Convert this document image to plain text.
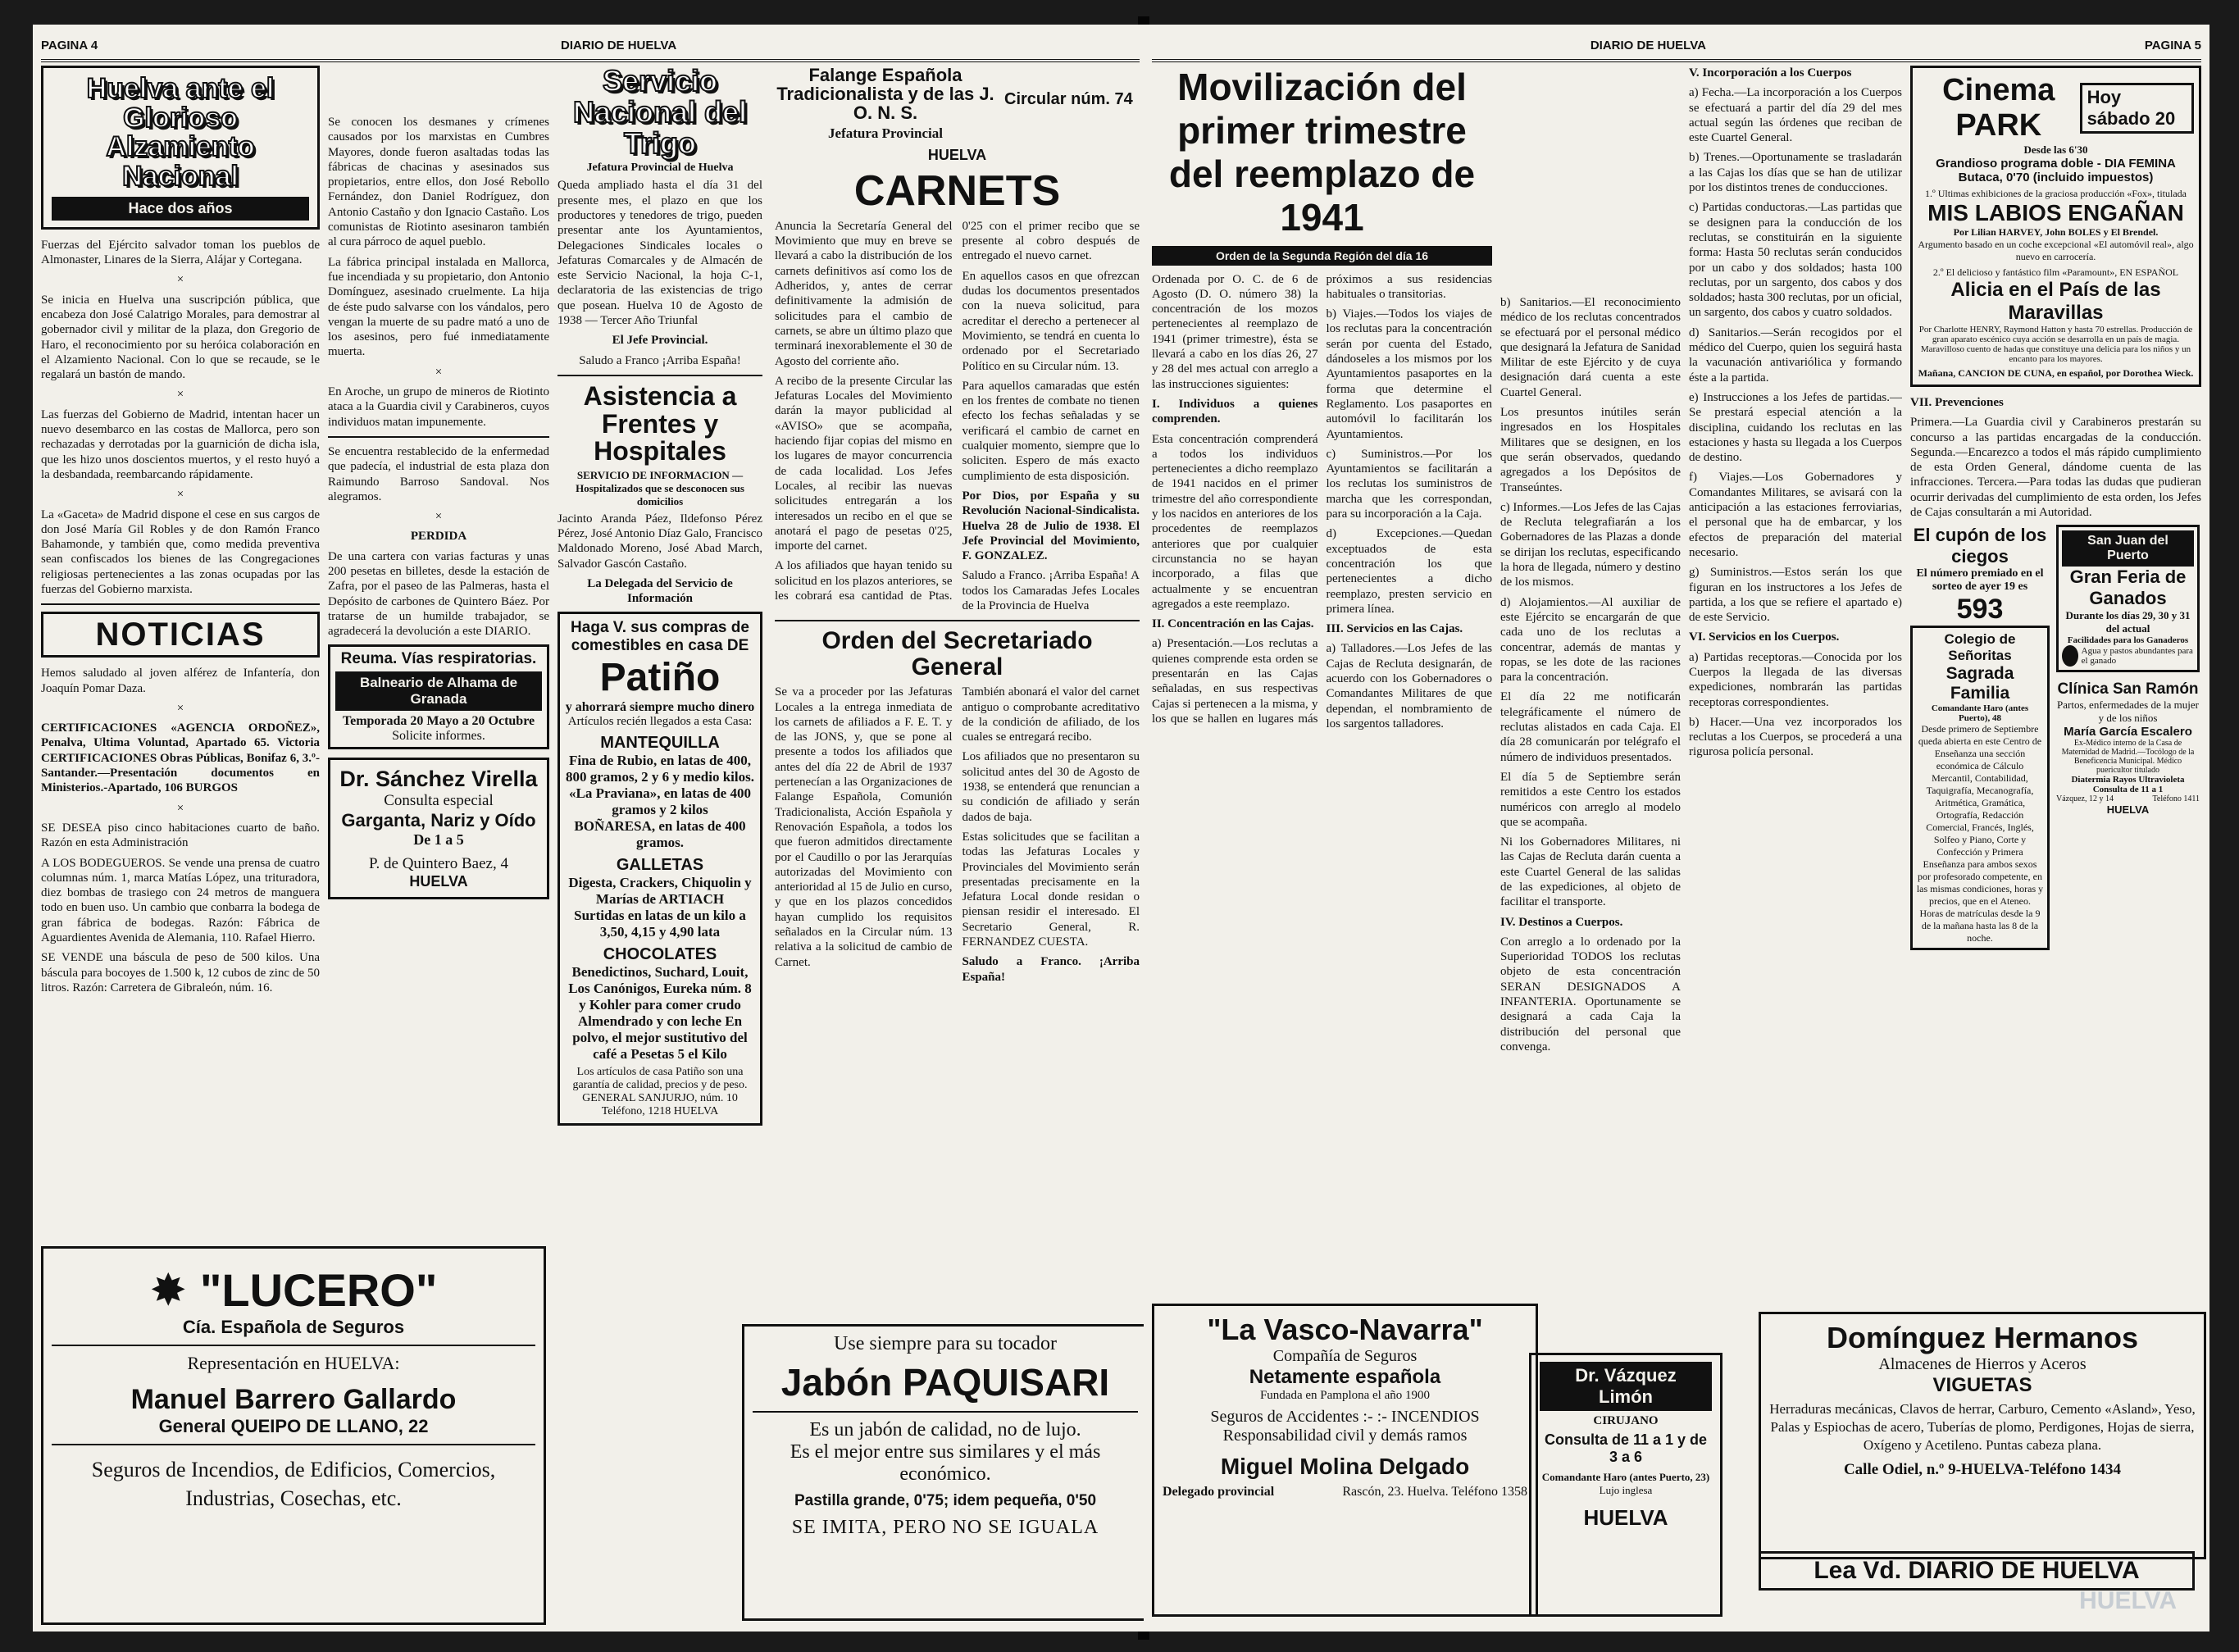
PAGINA 4	DIARIO DE HUELVA
Huelva ante el Glorioso Alzamiento Nacional
Hace dos años

Fuerzas del Ejército salvador toman los pueblos de Almonaster, Linares de la Sierra, Alájar y Cortegana.

×

Se inicia en Huelva una suscripción pública, que encabeza don José Calatrigo Morales, para demostrar al gobernador civil y militar de la plaza, don Gregorio de Haro, el reconocimiento por su heróica colaboración en el Alzamiento Nacional. Con lo que se recaude, se le regalará un bastón de mando.

×

Las fuerzas del Gobierno de Madrid, intentan hacer un nuevo desembarco en las costas de Mallorca, pero son rechazadas y derrotadas por la guarnición de dicha isla, que les hizo unos doscientos muertos, y el resto huyó a la desbandada, reembarcando rápidamente.

×

La «Gaceta» de Madrid dispone el cese en sus cargos de don José María Gil Robles y de don Ramón Franco Bahamonde, y también que, como medida preventiva sean confiscados los bienes de las Congregaciones religiosas pertenecientes a las zonas ocupadas por las fuerzas del Gobierno marxista.

NOTICIAS

Hemos saludado al joven alférez de Infantería, don Joaquín Pomar Daza.

×

CERTIFICACIONES «AGENCIA ORDOÑEZ», Penalva, Ultima Voluntad, Apartado 65. Victoria CERTIFICACIONES Obras Públicas, Bonifaz 6, 3.º-Santander.—Presentación documentos en Ministerios.-Apartado, 106 BURGOS

×

SE DESEA piso cinco habitaciones cuarto de baño. Razón en esta Administración

A LOS BODEGUEROS. Se vende una prensa de cuatro columnas núm. 1, marca Matías López, una trituradora, diez bombas de trasiego con 24 metros de manguera todo en buen uso. Un cambio que conbarra la bodega de gran fábrica de bodegas. Razón: Fábrica de Aguardientes Avenida de Alemania, 110. Rafael Hierro.

SE VENDE una báscula de peso de 500 kilos. Una báscula para bocoyes de 1.500 k, 12 cubos de zinc de 50 litros. Razón: Carretera de Gibraleón, núm. 16.

Se conocen los desmanes y crímenes causados por los marxistas en Cumbres Mayores, donde fueron asaltadas todas las fábricas de chacinas y asesinados sus propietarios, entre ellos, don José Rebollo Fernández, don Daniel Rodríguez, don Antonio Castaño y don Ignacio Castaño. Los comunistas de Riotinto asesinaron también al cura párroco de aquel pueblo.

La fábrica principal instalada en Mallorca, fue incendiada y su propietario, don Antonio Domínguez, asesinado cruelmente. La hija de éste pudo salvarse con los vándalos, pero vengan la muerte de su padre mató a uno de los asesinos, pero fué inmediatamente muerta.

×

En Aroche, un grupo de mineros de Riotinto ataca a la Guardia civil y Carabineros, cuyos individuos matan impunemente.

Se encuentra restablecido de la enfermedad que padecía, el industrial de esta plaza don Raimundo Barroso Sandoval. Nos alegramos.

×

PERDIDA

De una cartera con varias facturas y unas 200 pesetas en billetes, desde la estación de Zafra, por el paseo de las Palmeras, hasta el Depósito de carbones de Quintero Báez. Por tratarse de un humilde trabajador, se agradecerá la devolución a este DIARIO.

Reuma. Vías respiratorias.
Balneario de Alhama de Granada
Temporada 20 Mayo a 20 Octubre
Solicite informes.
Dr. Sánchez Virella
Consulta especial
Garganta, Nariz y Oído
De 1 a 5
P. de Quintero Baez, 4
HUELVA
✸ "LUCERO"
Cía. Española de Seguros
Representación en HUELVA:
Manuel Barrero Gallardo
General QUEIPO DE LLANO, 22
Seguros de Incendios, de Edificios, Comercios, Industrias, Cosechas, etc.
Servicio Nacional del Trigo
Jefatura Provincial de Huelva

Queda ampliado hasta el día 31 del presente mes, el plazo en que los productores y tenedores de trigo, pueden presentar ante los Ayuntamientos, Delegaciones Sindicales locales o Jefaturas Comarcales y de Almacén de este Servicio Nacional, la hoja C-1, declaratoria de las existencias de trigo que posean. Huelva 10 de Agosto de 1938 — Tercer Año Triunfal

El Jefe Provincial.

Saludo a Franco ¡Arriba España!

Asistencia a Frentes y Hospitales
SERVICIO DE INFORMACION — Hospitalizados que se desconocen sus domicilios

Jacinto Aranda Páez, Ildefonso Pérez Pérez, José Antonio Díaz Galo, Francisco Maldonado Moreno, José Abad March, Salvador Gascón Castaño.

La Delegada del Servicio de Información

Haga V. sus compras de comestibles en casa DE
Patiño
y ahorrará siempre mucho dinero
Artículos recién llegados a esta Casa:
MANTEQUILLA
Fina de Rubio, en latas de 400, 800 gramos, 2 y 6 y medio kilos.
«La Praviana», en latas de 400 gramos y 2 kilos
BOÑARESA, en latas de 400 gramos.
GALLETAS
Digesta, Crackers, Chiquolin y Marías de ARTIACH
Surtidas en latas de un kilo a 3,50, 4,15 y 4,90 lata
CHOCOLATES
Benedictinos, Suchard, Louit, Los Canónigos, Eureka núm. 8 y Kohler para comer crudo
Almendrado y con leche En polvo, el mejor sustitutivo del café a Pesetas 5 el Kilo
Los artículos de casa Patiño son una garantía de calidad, precios y de peso. GENERAL SANJURJO, núm. 10 Teléfono, 1218 HUELVA
Falange Española Tradicionalista y de las J. O. N. S.
Jefatura Provincial
Circular núm. 74
HUELVA
CARNETS

Anuncia la Secretaría General del Movimiento que muy en breve se llevará a cabo la distribución de los carnets definitivos así como los de Adheridos, y, antes de cerrar definitivamente la admisión de solicitudes para el cambio de carnets, se abre un último plazo que terminará inexorablemente el 30 de Agosto del corriente año.

A recibo de la presente Circular las Jefaturas Locales del Movimiento darán la mayor publicidad al «AVISO» que se acompaña, haciendo fijar copias del mismo en los lugares de mayor concurrencia de cada localidad. Los Jefes Locales, al recibir las nuevas solicitudes entregarán a los interesados un recibo en el que se anotará el pago de pesetas 0'25, importe del carnet.

A los afiliados que hayan tenido su solicitud en los plazos anteriores, se les cobrará esa cantidad de Ptas. 0'25 con el primer recibo que se presente al cobro después de entregado el nuevo carnet.

En aquellos casos en que ofrezcan dudas los documentos presentados con la nueva solicitud, para acreditar el derecho a pertenecer al Movimiento, se tendrá en cuenta lo ordenado por el Secretariado Político en su Circular núm. 13.

Para aquellos camaradas que estén en los frentes de combate no tienen efecto los fechas señaladas y se verificará el cambio de carnet en cualquier momento, siempre que lo soliciten. Espero de más exacto cumplimiento de esta disposición.

Por Dios, por España y su Revolución Nacional-Sindicalista. Huelva 28 de Julio de 1938. El Jefe Provincial del Movimiento, F. GONZALEZ.

Saludo a Franco. ¡Arriba España! A todos los Camaradas Jefes Locales de la Provincia de Huelva

Orden del Secretariado General

Se va a proceder por las Jefaturas Locales a la entrega inmediata de los carnets de afiliados a F. E. T. y de las JONS, y, que se pone al presente a todos los afiliados que antes del día 22 de Abril de 1937 pertenecían a las Organizaciones de Falange Española, Comunión Tradicionalista, Acción Española y Renovación Española, a todos los que fueron admitidos directamente por el Caudillo o por las Jerarquías autorizadas del Movimiento con anterioridad al 15 de Julio en curso, y que en los plazos concedidos hayan cumplido los requisitos señalados en la Circular núm. 13 relativa a la solicitud de cambio de Carnet.

También abonará el valor del carnet antiguo o comprobante acreditativo de la condición de afiliado, de los cuales se entregará recibo.

Los afiliados que no presentaron su solicitud antes del 30 de Agosto de 1938, se entenderá que renuncian a su condición de afiliado y serán dados de baja.

Estas solicitudes que se facilitan a todas las Jefaturas Locales y Provinciales del Movimiento serán presentadas precisamente en la Jefatura Local donde residan o piensan residir el interesado. El Secretario General, R. FERNANDEZ CUESTA.

Saludo a Franco. ¡Arriba España!

Use siempre para su tocador
Jabón PAQUISARI
Es un jabón de calidad, no de lujo.
Es el mejor entre sus similares y el más económico.
Pastilla grande, 0'75; idem pequeña, 0'50
SE IMITA, PERO NO SE IGUALA
DIARIO DE HUELVA	PAGINA 5
Movilización del primer trimestre del reemplazo de 1941
Orden de la Segunda Región del día 16

Ordenada por O. C. de 6 de Agosto (D. O. número 38) la concentración de los mozos pertenecientes al reemplazo de 1941 (primer trimestre), ésta se llevará a cabo en los días 26, 27 y 28 del mes actual con arreglo a las instrucciones siguientes:

I. Individuos a quienes comprenden.

Esta concentración comprenderá a todos los individuos pertenecientes a dicho reemplazo de 1941 nacidos en el primer trimestre del año correspondiente y los nacidos en anteriores de los procedentes de reemplazos anteriores que por cualquier circunstancia no se hayan incorporado, a filas que actualmente y se encuentran agregados a este reemplazo.

II. Concentración en las Cajas.

a) Presentación.—Los reclutas a quienes comprende esta orden se presentarán en las Cajas señaladas, en sus respectivas Cajas si pertenecen a la misma, y los que se hallen en lugares más próximos a sus residencias habituales o transitorias.

b) Viajes.—Todos los viajes de los reclutas para la concentración serán por cuenta del Estado, dándoseles a los mismos por los Ayuntamientos pasaportes en la forma que determine el Reglamento. Los pasaportes en automóvil lo facilitarán los Ayuntamientos.

c) Suministros.—Por los Ayuntamientos se facilitarán a los reclutas los suministros de marcha que les correspondan, para su incorporación a la Caja.

d) Excepciones.—Quedan exceptuados de esta concentración los que pertenecientes a dicho reemplazo, presten servicio en primera línea.

III. Servicios en las Cajas.

a) Talladores.—Los Jefes de las Cajas de Recluta designarán, de acuerdo con los Gobernadores o Comandantes Militares de que dependan, el nombramiento de los sargentos talladores.

b) Sanitarios.—El reconocimiento médico de los reclutas concentrados se efectuará por el personal médico que designará la Jefatura de Sanidad Militar de este Ejército y de cuya designación dará cuenta a este Cuartel General.

Los presuntos inútiles serán ingresados en los Hospitales Militares que se designen, en los que serán observados, quedando agregados a los Depósitos de Transeúntes.

c) Informes.—Los Jefes de las Cajas de Recluta telegrafiarán a los Gobernadores de las Plazas a donde se dirijan los reclutas, especificando la hora de llegada, número y destino de los mismos.

d) Alojamientos.—Al auxiliar de este Ejército se encargarán de que cada uno de los reclutas a concentrar, además de mantas y ropas, se les dote de las raciones para la concentración.

El día 22 me notificarán telegráficamente el número de reclutas alistados en cada Caja. El día 28 comunicarán por telégrafo el número de individuos presentados.

El día 5 de Septiembre serán remitidos a este Centro los estados numéricos con arreglo al modelo que se acompaña.

Ni los Gobernadores Militares, ni las Cajas de Recluta darán cuenta a este Cuartel General de las salidas de las expediciones, al objeto de facilitar el transporte.

IV. Destinos a Cuerpos.

Con arreglo a lo ordenado por la Superioridad TODOS los reclutas objeto de esta concentración SERAN DESIGNADOS A INFANTERIA. Oportunamente se designará a cada Caja la distribución del personal que convenga.

V. Incorporación a los Cuerpos

a) Fecha.—La incorporación a los Cuerpos se efectuará a partir del día 29 del mes actual según las órdenes que reciban de este Cuartel General.

b) Trenes.—Oportunamente se trasladarán a las Cajas los días que se han de utilizar por los distintos trenes de conducciones.

c) Partidas conductoras.—Las partidas que se designen para la conducción de los reclutas, se constituirán en la siguiente forma: Hasta 50 reclutas serán conducidos por un cabo y dos soldados; hasta 100 reclutas, por un sargento, dos cabos y dos soldados; hasta 300 reclutas, por un oficial, un sargento, dos cabos y cuatro soldados.

d) Sanitarios.—Serán recogidos por el médico del Cuerpo, quien los seguirá hasta la vacunación antivariólica y formando éste a la partida.

e) Instrucciones a los Jefes de partidas.—Se prestará especial atención a la disciplina, cuidando los reclutas en las estaciones y hasta su llegada a los Cuerpos de destino.

f) Viajes.—Los Gobernadores y Comandantes Militares, se avisará con la anticipación a las estaciones ferroviarias, el personal que ha de embarcar, y los efectos de preparación del material necesario.

g) Suministros.—Estos serán los que figuran en los instructores a los Jefes de partida, a los que se refiere el apartado e) de este Servicio.

VI. Servicios en los Cuerpos.

a) Partidas receptoras.—Conocida por los Cuerpos la llegada de las diversas expediciones, nombrarán las partidas receptoras correspondientes.

b) Hacer.—Una vez incorporados los reclutas a los Cuerpos, se procederá a una rigurosa policía personal.

Cinema PARK
Hoy sábado 20
Desde las 6'30
Grandioso programa doble - DIA FEMINA
Butaca, 0'70 (incluido impuestos)
1.º Ultimas exhibiciones de la graciosa producción «Fox», titulada
MIS LABIOS ENGAÑAN
Por Lilian HARVEY, John BOLES y El Brendel.
Argumento basado en un coche excepcional «El automóvil real», algo nuevo en carrocería.
2.º El delicioso y fantástico film «Paramount», EN ESPAÑOL
Alicia en el País de las Maravillas
Por Charlotte HENRY, Raymond Hatton y hasta 70 estrellas. Producción de gran aparato escénico cuya acción se desarrolla en un país de magia. Maravilloso cuento de hadas que constituye una delicia para los niños y un encanto para los mayores.
Mañana, CANCION DE CUNA, en español, por Dorothea Wieck.

VII. Prevenciones

Primera.—La Guardia civil y Carabineros prestarán su concurso a las partidas encargadas de la conducción. Segunda.—Encarezco a todos el más rápido cumplimiento de esta Orden General, dándome cuenta de las infracciones. Tercera.—Para todas las dudas que pudieran ocurrir derivadas del cumplimiento de esta orden, los Jefes de Cajas consultarán a mi Autoridad.

El cupón de los ciegos
El número premiado en el sorteo de ayer 19 es
593
Colegio de Señoritas
Sagrada Familia
Comandante Haro (antes Puerto), 48
Desde primero de Septiembre queda abierta en este Centro de Enseñanza una sección económica de Cálculo Mercantil, Contabilidad, Taquigrafía, Mecanografía, Aritmética, Gramática, Ortografía, Redacción Comercial, Francés, Inglés, Solfeo y Piano, Corte y Confección y Primera Enseñanza para ambos sexos por profesorado competente, en las mismas condiciones, horas y precios, que en el Ateneo.
Horas de matrículas desde la 9 de la mañana hasta las 8 de la noche.
San Juan del Puerto
Gran Feria de Ganados
Durante los días 29, 30 y 31 del actual
Facilidades para los Ganaderos
Agua y pastos abundantes para el ganado
Clínica San Ramón
Partos, enfermedades de la mujer y de los niños
María García Escalero
Ex-Médico interno de la Casa de Maternidad de Madrid.—Tocólogo de la Beneficencia Municipal. Médico puericultor titulado
Diatermia Rayos Ultravioleta
Consulta de 11 a 1
Vázquez, 12 y 14	Teléfono 1411
HUELVA
"La Vasco-Navarra"
Compañía de Seguros
Netamente española
Fundada en Pamplona el año 1900
Seguros de Accidentes :- :- INCENDIOS
Responsabilidad civil y demás ramos
Miguel Molina Delgado
Delegado provincial	Rascón, 23. Huelva. Teléfono 1358
Dr. Vázquez Limón
CIRUJANO
Consulta de 11 a 1 y de 3 a 6
Comandante Haro (antes Puerto, 23)
Lujo inglesa
HUELVA
Domínguez Hermanos
Almacenes de Hierros y Aceros
VIGUETAS
Herraduras mecánicas, Clavos de herrar, Carburo, Cemento «Asland», Yeso, Palas y Espiochas de acero, Tuberías de plomo, Perdigones, Hojas de sierra, Oxígeno y Acetileno. Puntas cabeza plana.
Calle Odiel, n.º 9-HUELVA-Teléfono 1434
Lea Vd. DIARIO DE HUELVA
HUELVA
